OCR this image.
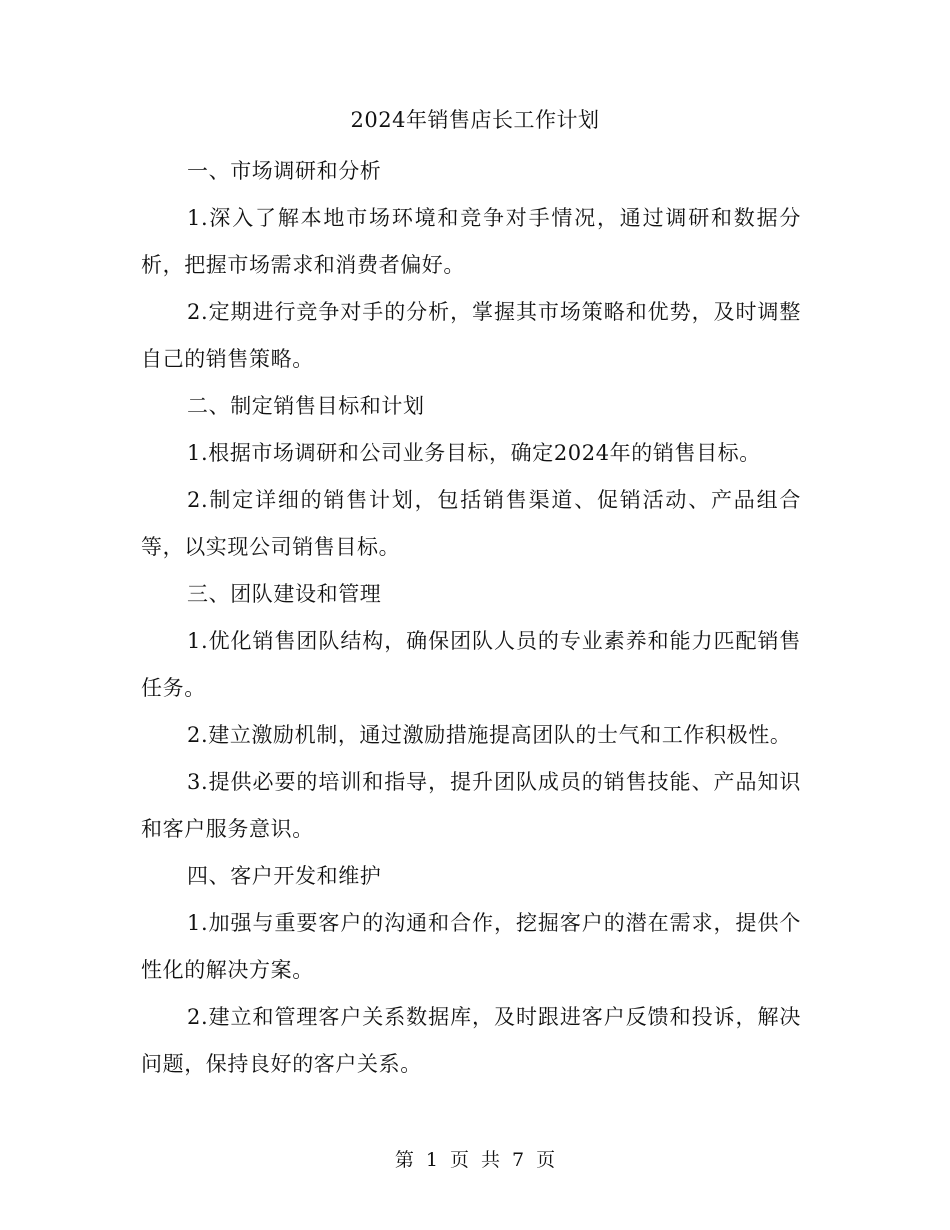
2024年销售店长工作计划

一、市场调研和分析

1.深入了解本地市场环境和竞争对手情况，通过调研和数据分析，把握市场需求和消费者偏好。

2.定期进行竞争对手的分析，掌握其市场策略和优势，及时调整自己的销售策略。

二、制定销售目标和计划

1.根据市场调研和公司业务目标，确定2024年的销售目标。

2.制定详细的销售计划，包括销售渠道、促销活动、产品组合等，以实现公司销售目标。

三、团队建设和管理

1.优化销售团队结构，确保团队人员的专业素养和能力匹配销售任务。

2.建立激励机制，通过激励措施提高团队的士气和工作积极性。

3.提供必要的培训和指导，提升团队成员的销售技能、产品知识和客户服务意识。

四、客户开发和维护

1.加强与重要客户的沟通和合作，挖掘客户的潜在需求，提供个性化的解决方案。

2.建立和管理客户关系数据库，及时跟进客户反馈和投诉，解决问题，保持良好的客户关系。

第 1 页 共 7 页
